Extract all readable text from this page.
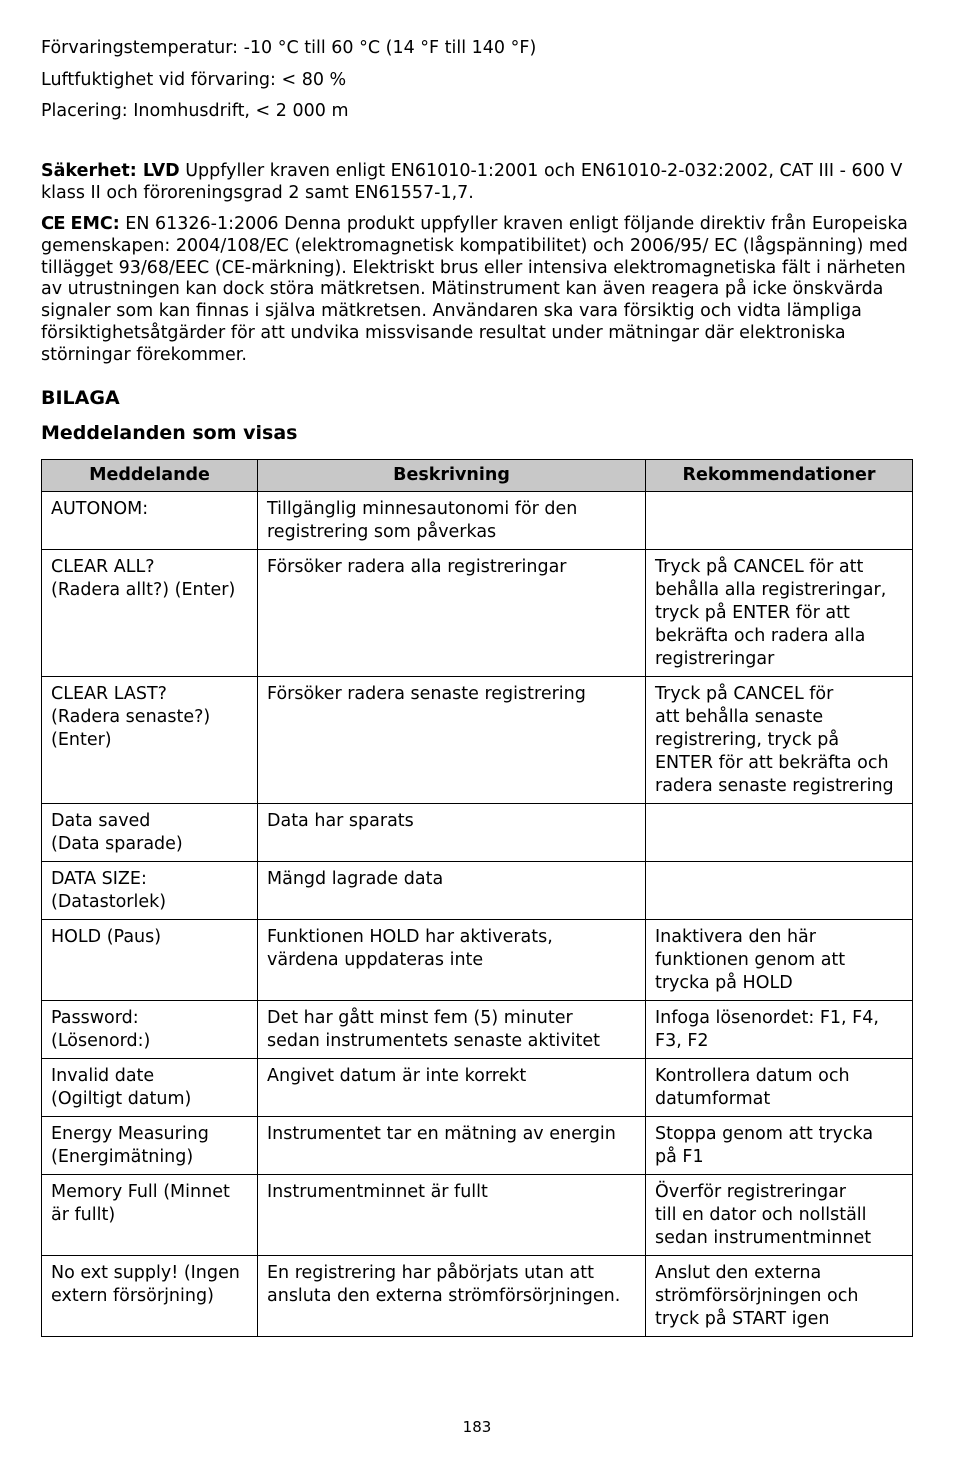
Förvaringstemperatur: -10 °C till 60 °C (14 °F till 140 °F)

Luftfuktighet vid förvaring: < 80 %

Placering: Inomhusdrift, < 2 000 m

Säkerhet: LVD Uppfyller kraven enligt EN61010-1:2001 och EN61010-2-032:2002, CAT III - 600 V klass II och föroreningsgrad 2 samt EN61557-1,7.

CE EMC: EN 61326-1:2006 Denna produkt uppfyller kraven enligt följande direktiv från Europeiska gemenskapen: 2004/108/EC (elektromagnetisk kompatibilitet) och 2006/95/ EC (lågspänning) med tillägget 93/68/EEC (CE-märkning). Elektriskt brus eller intensiva elektromagnetiska fält i närheten av utrustningen kan dock störa mätkretsen. Mätinstrument kan även reagera på icke önskvärda signaler som kan finnas i själva mätkretsen. Användaren ska vara försiktig och vidta lämpliga försiktighetsåtgärder för att undvika missvisande resultat under mätningar där elektroniska störningar förekommer.

BILAGA
Meddelanden som visas
Meddelande	Beskrivning	Rekommendationer

AUTONOM:	Tillgänglig minnesautonomi för den
registrering som påverkas	

CLEAR ALL?
(Radera allt?) (Enter)	Försöker radera alla registreringar	Tryck på CANCEL för att
behålla alla registreringar,
tryck på ENTER för att
bekräfta och radera alla
registreringar

CLEAR LAST?
(Radera senaste?)
(Enter)	Försöker radera senaste registrering	Tryck på CANCEL för
att behålla senaste
registrering, tryck på
ENTER för att bekräfta och
radera senaste registrering

Data saved
(Data sparade)	Data har sparats	

DATA SIZE:
(Datastorlek)	Mängd lagrade data	

HOLD (Paus)	Funktionen HOLD har aktiverats,
värdena uppdateras inte	Inaktivera den här
funktionen genom att
trycka på HOLD

Password:
(Lösenord:)	Det har gått minst fem (5) minuter
sedan instrumentets senaste aktivitet	Infoga lösenordet: F1, F4,
F3, F2

Invalid date
(Ogiltigt datum)	Angivet datum är inte korrekt	Kontrollera datum och
datumformat

Energy Measuring
(Energimätning)	Instrumentet tar en mätning av energin	Stoppa genom att trycka
på F1

Memory Full (Minnet
är fullt)	Instrumentminnet är fullt	Överför registreringar
till en dator och nollställ
sedan instrumentminnet

No ext supply! (Ingen
extern försörjning)	En registrering har påbörjats utan att
ansluta den externa strömförsörjningen.	Anslut den externa
strömförsörjningen och
tryck på START igen
183
